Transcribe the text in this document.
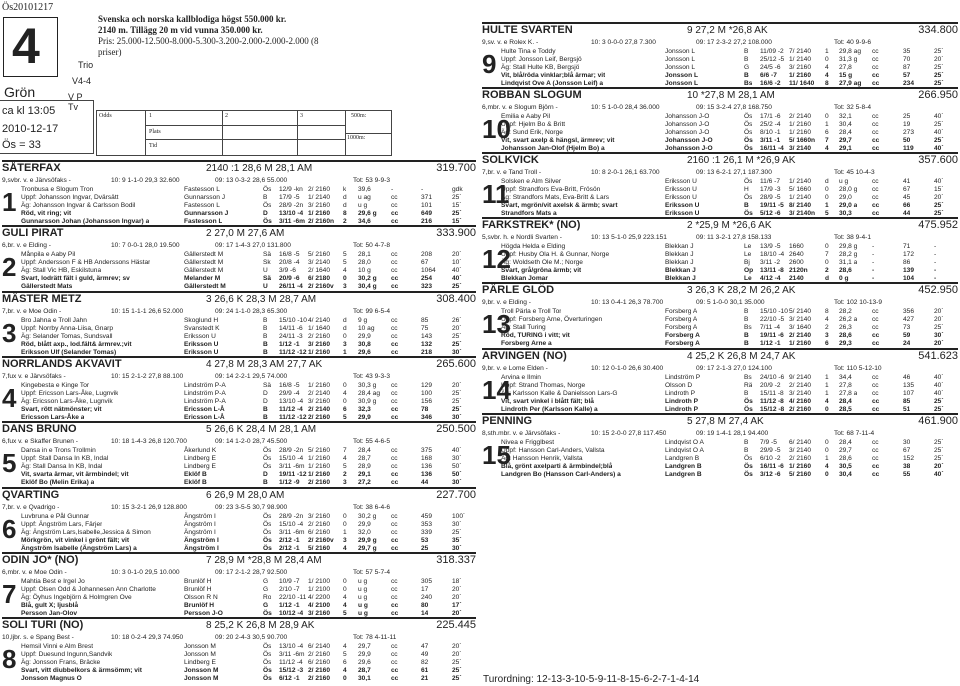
Ös20101217
4
Grön
Trio
V4-4
V P Tv
ca kl 13:05
2010-12-17
Ös = 33
Svenska och norska kallblodiga högst 550.000 kr.
2140 m. Tillägg 20 m vid vunna 350.000 kr.
Pris: 25.000-12.500-8.000-5.300-3.200-2.000-2.000-2.000 (8
priser)
Odds
Plats
Tid
1	2	3	500m:
1000m:
SÅTERFAX	2140 :1 28,6 M 28,1 AM	319.700
9,svbr. v. e Järvsöfaks -	10: 9 1-1-0 29,3 32.600	09: 13 0-3-2 28,6 55.000	Tot: 53 9-9-3
1 Tronbusa e Slogum Tron	Fastesson L	Ös 12/9 -kn 2/ 2160 k 39,6	-	-	gdk
Uppf: Johansson Ingvar, Dvärsätt	Gunnarsson J	B 17/9 -5 1/ 2140 d u ag	cc	371	25´
Äg: Johansson Ingvar & Carlsson Bodil	Fastesson L	Ös 28/9 -2n 3/ 2160 d u g	cc	101	15´
Röd, vit ring; vit	Gunnarsson J	D 13/10 -4 1/ 2160 8 29,6 g cc	649	25´
Gunnarsson Johan (Johansson Ingvar) a	Fastesson L	Ös 3/11 -6m 2/ 2160n 2 34,6	cc	216	15´
GULI PIRAT	2 27,0 M 27,6 AM	333.900
6,br. v. e Elding -	10: 7 0-0-1 28,0 19.500	09: 17 1-4-3 27,0 131.800	Tot: 50 4-7-8
2 Månpila e Aaby Pil	Gällerstedt M	Sä 16/8 -5 5/ 2160 5 28,1	cc	208	20´
Uppf: Andersson F & HB Anderssons Hästar	Gällerstedt M	Sk 20/8 -4 3/ 2140 5 28,0	cc	67	10´
Äg: Stall Vic HB, Eskilstuna	Gällerstedt M	U 3/9 -6 2/ 1640 4 10 g	cc	1064 40´
Svart, lodrätt fält i guld, ärmrev; sv	Melander M	Sä 20/9 -6 6/ 2180 0 30,2 g cc	254	40´
Gällerstedt Mats	Gällerstedt M	U 26/11 -4 2/ 2160v 3 30,4 g cc	323	25´
MÄSTER METZ	3 26,6 K 28,3 M 28,7 AM	308.400
7,br. v. e Moe Odin -	10: 15 1-1-1 26,6 52.000	09: 24 1-1-0 28,3 65.300	Tot: 99 6-5-4
3 Bro Jahna e Troll Jahn	Skoglund H	B 15/10 -10 4/ 2140 d 9 g	cc	85	26´
Uppf: Norrby Anna-Liisa, Gnarp	Svanstedt K	B 14/11 -6 1/ 1640 d 10 ag cc	75	20´
Äg: Selander Tomas, Sundsvall	Eriksson U	B 24/11 -3 2/ 2160 0 29,9	cc	143	25´
Röd, blått axp., lod.fält& ärmrev.;vit	Eriksson U	B 1/12 -1 3/ 2160 3 30,8	cc	132	25´
Eriksson Ulf (Selander Tomas)	Eriksson U	B 11/12 -12 1/ 2160 1 29,6	cc	218	30´
NORRLANDS AKVAVIT	4 27,8 M 28,3 AM 27,7 AK	265.600
7,fux v. e Järvsöfaks -	10: 15 2-1-2 27,8 88.100	09: 14 2-2-1 29,5 74.000	Tot: 43 9-3-3
4 Kingebesta e Kinge Tor	Lindström P-A	Sä 16/8 -5 1/ 2160 0 30,3 g cc	129	20´
Uppf: Ericsson Lars-Åke, Lugnvik	Lindström P-A	D 29/9 -4 2/ 2140 4 28,4 ag cc	100	25´
Äg: Ericsson Lars-Åke, Lugnvik	Lindström P-A	D 13/10 -4 3/ 2160 0 30,9 g cc	156	25´
Svart, rött nätmönster; vit	Ericsson L-Å	B 11/12 -4 2/ 2140 6 32,3	cc	78	25´
Ericsson Lars-Åke a	Ericsson L-Å	B 11/12 -12 2/ 2160 5 29,9	cc	346	30´
DANS BRUNO	5 26,6 K 28,4 M 28,1 AM	250.500
6,fux v. e Skaffer Brunen -	10: 18 1-4-3 26,8 120.700	09: 14 1-2-0 28,7 45.500	Tot: 55 4-6-5
5 Dansa in e Trons Trollmin	Åkerlund K	Ös 28/9 -2n 5/ 2160 7 28,4	cc	375	40´
Uppf: Stall Dansa In KB, Indal	Lindberg E	Ös 15/10 -4 1/ 2160 4 28,7	cc	168	30´
Äg: Stall Dansa In KB, Indal	Lindberg E	Ös 3/11 -6m 1/ 2160 5 28,9	cc	136	50´
Vit, svarta ärmar, vit ärmbindel; vit	Eklöf B	D 19/11 -12 1/ 2160 2 29,1	cc	136	50´
Eklöf Bo (Melin Erika) a	Eklöf B	B 1/12 -9 2/ 2160 3 27,2	cc	44	30´
QVARTING	6 26,9 M 28,0 AM	227.700
7,br. v. e Qvadrigo -	10: 15 3-2-1 26,9 128.800	09: 23 3-5-5 30,7 98.900	Tot: 38 6-4-6
6 Luvbruna e Pål Gunnar	Ängström I	Ös 28/9 -2n 3/ 2160 0 30,2 g cc	459	100´
Uppf: Ängström Lars, Färjer	Ängström I	Ös 15/10 -4 2/ 2160 0 29,9	cc	353	30´
Äg: Ängström Lars,Isabelle,Jessica & Simon	Ängström I	Ös 3/11 -6m 6/ 2160 1 32,0	cc	339	25´
Mörkgrön, vit vinkel i grönt fält; vit	Ängström I	Ös 2/12 -1 2/ 2160v 3 29,9 g cc	53	35´
Ängström Isabelle (Ängström Lars) a	Ängström I	Ös 2/12 -1 5/ 2160 4 29,7 g cc	25	30´
ODIN JO* (NO)	7 28,9 M *28,8 M 28,4 AM	318.337
6,mbr. v. e Moe Odin -	10: 3 0-1-0 29,5 10.000	09: 17 2-1-2 28,7 92.500	Tot: 57 5-7-4
7 Mahtia Best e Irgel Jo	Brunlöf H	G 10/9 -7 1/ 2100 0 u g	cc	305	18´
Uppf: Olsen Odd & Johannesen Ann Charlotte	Brunlöf H	G 2/10 -7 1/ 2100 0 u g	cc	17	20´
Äg: Öyhus Ingebjörn & Holmgren Ove	Olsson R N	Ro 22/10 -11 4/ 2200 4 u g	cc	240	20´
Blå, gult X; ljusblå	Brunlöf H	G 1/12 -1 4/ 2100 4 u g	cc	80	17´
Persson Jan-Olov	Persson J-O	Ös 10/12 -4 3/ 2160 5 u g	cc	14	20´
SOLI TURI (NO)	8 25,2 K 26,8 M 28,9 AK	225.445
10,ljbr. s. e Spang Best -	10: 18 0-2-4 29,3 74.950	09: 20 2-4-3 30,5 90.700	Tot: 78 4-11-11
8 Hemsil Vinni e Alm Brest	Jonsson M	Ös 13/10 -4 6/ 2140 4 29,7	cc	47	20´
Uppf: Duesund Ingunn,Sandvik	Jonsson M	Ös 3/11 -6m 2/ 2160 5 29,9	cc	49	20´
Äg: Jonsson Frans, Bräcke	Lindberg E	Ös 11/12 -4 6/ 2160 6 29,6	cc	82	25´
Svart, vitt diubbelkors & ärmsömm; vit	Jonsson M	Ös 15/12 -3 2/ 2160 4 28,7	cc	61	25´
Jonsson Magnus O	Jonsson M	Ös 6/12 -1 2/ 2160 0 30,1	cc	21	25´
HULTE SVARTEN	9 27,2 M *26,8 AK	334.800
9,sv. v. e Rolex K. -	10: 3 0-0-0 27,8 7.300	09: 17 2-3-2 27,2 108.000	Tot: 40 9-9-6
9 Hulte Tina e Toddy	Jonsson L	B 11/09 -2 7/ 2140 1 29,8 ag cc	35	25´
Uppf: Jonsson Leif, Bergsjö	Jonsson L	B 25/12 -5 1/ 2140 0 31,3 g cc	70	20´
Äg: Stall Hulte KB, Bergsjö	Jonsson L	G 24/5 -6 3/ 2160 4 27,8	cc	87	25´
Vit, blå/röda vinklar;blå ärmar; vit	Jonsson L	B 6/6 -7 1/ 2160 4 15 g	cc	57	25´
Lindqvist Ove A (Jonsson Leif) a	Jonsson L	Bs 16/6 -2 11/ 1640 8 27,9 ag cc	234	25´
ROBBAN SLOGUM	10 *27,8 M 28,1 AM	266.950
6,mbr. v. e Slogum Björn -	10: 5 1-0-0 28,4 36.000	09: 15 3-2-4 27,8 168.750	Tot: 32 5-8-4
10
Emilia e Aaby Pil	Johansson J-O	Ös 17/1 -6 2/ 2140 0 32,1	cc	25	40´
Uppf: Hjelm Bo & Britt	Johansson J-O	Ös 25/2 -4 1/ 2160 1 30,4	cc	19	25´
Äg: Sund Erik, Norge	Johansson J-O	Ös 8/10 -1 1/ 2160 6 28,4	cc	273	40´
Vit, svart axelp & hängsl, ärmrev; vit	Johansson J-O	Ös 3/11 -1 5/ 1660n 7 29,7	cc	50	25´
Johansson Jan-Olof (Hjelm Bo) a	Johansson J-O	Ös 16/11 -4 3/ 2140 4 29,1	cc	119	40´
SOLKVICK	2160 :1 26,1 M *26,9 AK	357.600
7,br. v. e Tand Troll -	10: 8 2-0-1 26,1 63.700	09: 13 6-2-1 27,1 187.300	Tot: 45 10-4-3
11
Solsken e Alm Silver	Eriksson U	Ös 11/6 -7 1/ 2140 d u g	cc	41	40´
Uppf: Strandfors Eva-Britt, Frösön	Eriksson U	H 17/9 -3 5/ 1660 0 28,0 g cc	67	15´
Äg: Strandfors Mats, Eva-Britt & Lars	Eriksson U	Ös 28/9 -5 1/ 2140 0 29,0	cc	45	20´
Svart, mgrön/vit axelsk & ärmb; svart	Eriksson U	B 19/11 -5 8/ 2140 1 29,0 a cc	66	25´
Strandfors Mats a	Eriksson U	Ös 5/12 -6 3/ 2140n 5 30,3	cc	44	25´
FARKSTREK* (NO)	2 *25,9 M *26,6 AK	475.952
5,svbr. h. e Nordli Svarten -	10: 13 5-1-0 25,9 223.151	09: 11 3-2-1 27,8 158.133	Tot: 38 9-4-1
12
Högda Helda e Elding	Blekkan J	Le 13/9 -5 1660	0 29,8 g -	71	-
Uppf: Husby Ola H. & Gunnar, Norge	Blekkan J	Le 18/10 -4 2640	7 28,2 g -	172	-
Äg: Woldseth Ole M.; Norge	Blekkan J	Bj 3/11 -2 2600	0 31,1 a -	86	-
Svart, grå/gröna ärmb; vit	Blekkan J	Op 13/11 -8 2120n	2 28,6	-	139	-
Blekkan Jomar	Blekkan J	Le 4/12 -4 2140	d 0 g	-	104	-
PÄRLE GLÖD	3 26,3 K 28,2 M 26,2 AK	452.950
9,br. v. e Elding -	10: 13 0-4-1 26,3 78.700	09: 5 1-0-0 30,1 35.000	Tot: 102 10-13-9
13
Troll Pärla e Troll Tor	Forsberg A	B 15/10 -10 5/ 2140 8 28,2	cc	356	20´
Uppf: Forsberg Arne, Överturingen	Forsberg A	B 22/10 -5 3/ 2140 4 26,2 a cc	427	20´
Äg: Stall Turing	Forsberg A	Bs 7/11 -4 3/ 1640 2 26,3	cc	73	25´
Röd, TURING i vitt; vit	Forsberg A	B 19/11 -6 2/ 2140 3 28,6	cc	59	30´
Forsberg Arne a	Forsberg A	B 1/12 -1 1/ 2160 6 29,3	cc	24	20´
ARVINGEN (NO)	4 25,2 K 26,8 M 24,7 AK	541.623
9,br. v. e Lome Elden -	10: 12 0-1-0 26,6 30.400	09: 17 2-1-3 27,0 124.100	Tot: 110 5-12-10
14
Arvina e Ilmin	Lindström P	Bs 24/10 -6 9/ 2140 1 34,4	cc	46	40´
Uppf: Strand Thomas, Norge	Olsson D	Rä 20/9 -2 2/ 2140 1 27,8	cc	135	40´
Äg: Karlsson Kalle & Danielsson Lars-G	Lindroth P	B 15/11 -8 3/ 2140 1 27,8 a cc	107	40´
Vit, svart vinkel i blått fält; blå	Lindroth P	Ös 11/12 -8 4/ 2160 4 28,4	cc	85	25´
Lindroth Per (Karlsson Kalle) a	Lindroth P	Ös 15/12 -8 2/ 2160 0 28,5	cc	51	25´
PENNING	5 27,8 M 27,4 AK	461.900
8,sth.mbr. v. e Järvsöfaks -	10: 15 2-0-0 27,8 117.450	09: 19 1-4-1 28,1 94.400	Tot: 68 7-11-4
15
Nivea e Frigglbest	Lindqvist O A	B 7/9 -5 6/ 2140 0 28,4	cc	30	25´
Uppf: Hansson Carl-Anders, Vallsta	Lindqvist O A	B 29/9 -5 3/ 2140 0 29,7	cc	67	25´
Äg: Hansson Henrik, Vallsta	Landgren B	Ös 6/10 -2 2/ 2160 1 28,6	cc	152	25´
Blå, grönt axelparti & ärmbindel;blå	Landgren B	Ös 16/11 -6 1/ 2160 4 30,5	cc	38	20´
Landgren Bo (Hansson Carl-Anders) a	Landgren B	Ös 3/12 -6 5/ 2160 0 30,4	cc	55	40´
Turordning: 12-13-3-10-5-9-11-8-15-6-2-7-1-4-14
